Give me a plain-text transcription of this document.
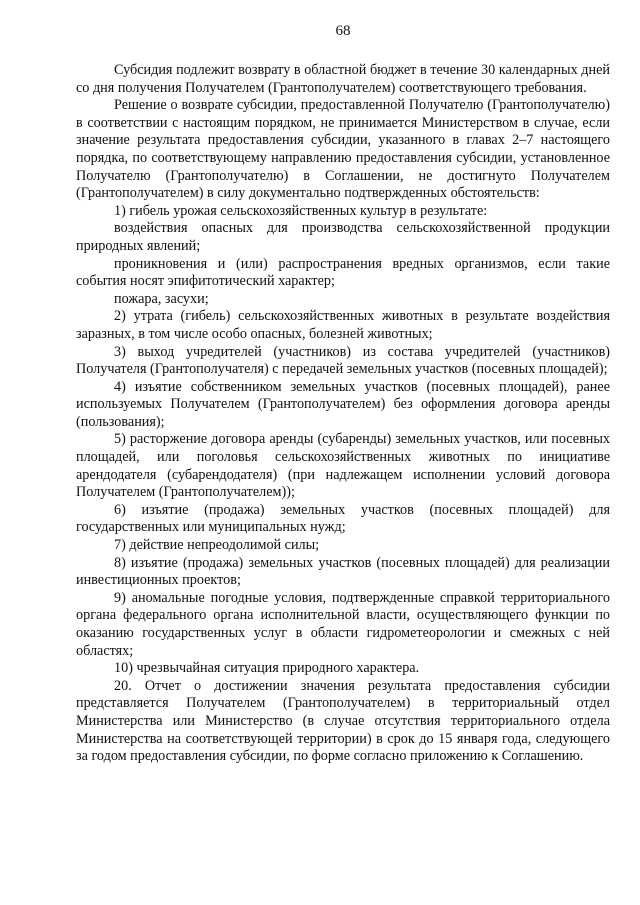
68

Субсидия подлежит возврату в областной бюджет в течение 30 календарных дней со дня получения Получателем (Грантополучателем) соответствующего требования.

Решение о возврате субсидии, предоставленной Получателю (Грантополучателю) в соответствии с настоящим порядком, не принимается Министерством в случае, если значение результата предоставления субсидии, указанного в главах 2–7 настоящего порядка, по соответствующему направлению предоставления субсидии, установленное Получателю (Грантополучателю) в Соглашении, не достигнуто Получателем (Грантополучателем) в силу документально подтвержденных обстоятельств:

1) гибель урожая сельскохозяйственных культур в результате:

воздействия опасных для производства сельскохозяйственной продукции природных явлений;

проникновения и (или) распространения вредных организмов, если такие события носят эпифитотический характер;

пожара, засухи;

2) утрата (гибель) сельскохозяйственных животных в результате воздействия заразных, в том числе особо опасных, болезней животных;

3) выход учредителей (участников) из состава учредителей (участников) Получателя (Грантополучателя) с передачей земельных участков (посевных площадей);

4) изъятие собственником земельных участков (посевных площадей), ранее используемых Получателем (Грантополучателем) без оформления договора аренды (пользования);

5) расторжение договора аренды (субаренды) земельных участков, или посевных площадей, или поголовья сельскохозяйственных животных по инициативе арендодателя (субарендодателя) (при надлежащем исполнении условий договора Получателем (Грантополучателем));

6) изъятие (продажа) земельных участков (посевных площадей) для государственных или муниципальных нужд;

7) действие непреодолимой силы;

8) изъятие (продажа) земельных участков (посевных площадей) для реализации инвестиционных проектов;

9) аномальные погодные условия, подтвержденные справкой территориального органа федерального органа исполнительной власти, осуществляющего функции по оказанию государственных услуг в области гидрометеорологии и смежных с ней областях;

10) чрезвычайная ситуация природного характера.

20. Отчет о достижении значения результата предоставления субсидии представляется Получателем (Грантополучателем) в территориальный отдел Министерства или Министерство (в случае отсутствия территориального отдела Министерства на соответствующей территории) в срок до 15 января года, следующего за годом предоставления субсидии, по форме согласно приложению к Соглашению.
